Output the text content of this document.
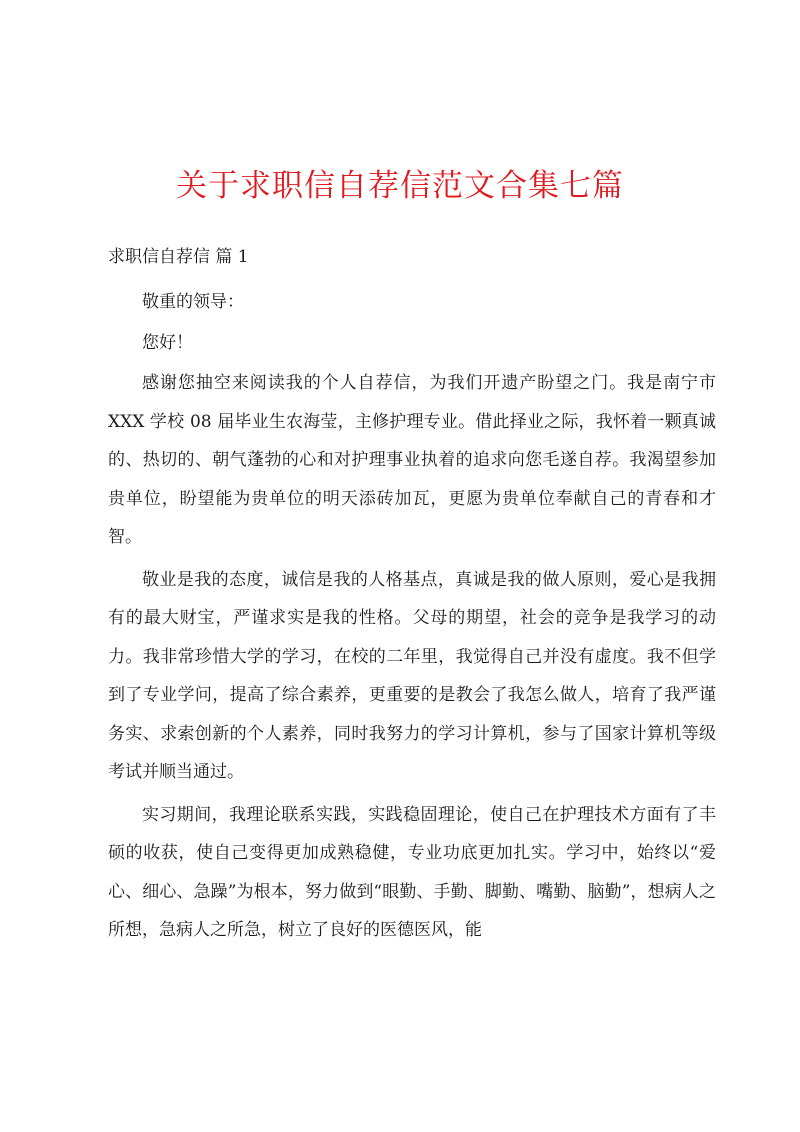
关于求职信自荐信范文合集七篇
求职信自荐信 篇 1

敬重的领导：

您好！

感谢您抽空来阅读我的个人自荐信，为我们开遗产盼望之门。我是南宁市 XXX 学校 08 届毕业生农海莹，主修护理专业。借此择业之际，我怀着一颗真诚的、热切的、朝气蓬勃的心和对护理事业执着的追求向您毛遂自荐。我渴望参加贵单位，盼望能为贵单位的明天添砖加瓦，更愿为贵单位奉献自己的青春和才智。

敬业是我的态度，诚信是我的人格基点，真诚是我的做人原则，爱心是我拥有的最大财宝，严谨求实是我的性格。父母的期望，社会的竞争是我学习的动力。我非常珍惜大学的学习，在校的二年里，我觉得自己并没有虚度。我不但学到了专业学问，提高了综合素养，更重要的是教会了我怎么做人，培育了我严谨务实、求索创新的个人素养，同时我努力的学习计算机，参与了国家计算机等级考试并顺当通过。

实习期间，我理论联系实践，实践稳固理论，使自己在护理技术方面有了丰硕的收获，使自己变得更加成熟稳健，专业功底更加扎实。学习中，始终以“爱心、细心、急躁”为根本，努力做到“眼勤、手勤、脚勤、嘴勤、脑勤”，想病人之所想，急病人之所急，树立了良好的医德医风，能
